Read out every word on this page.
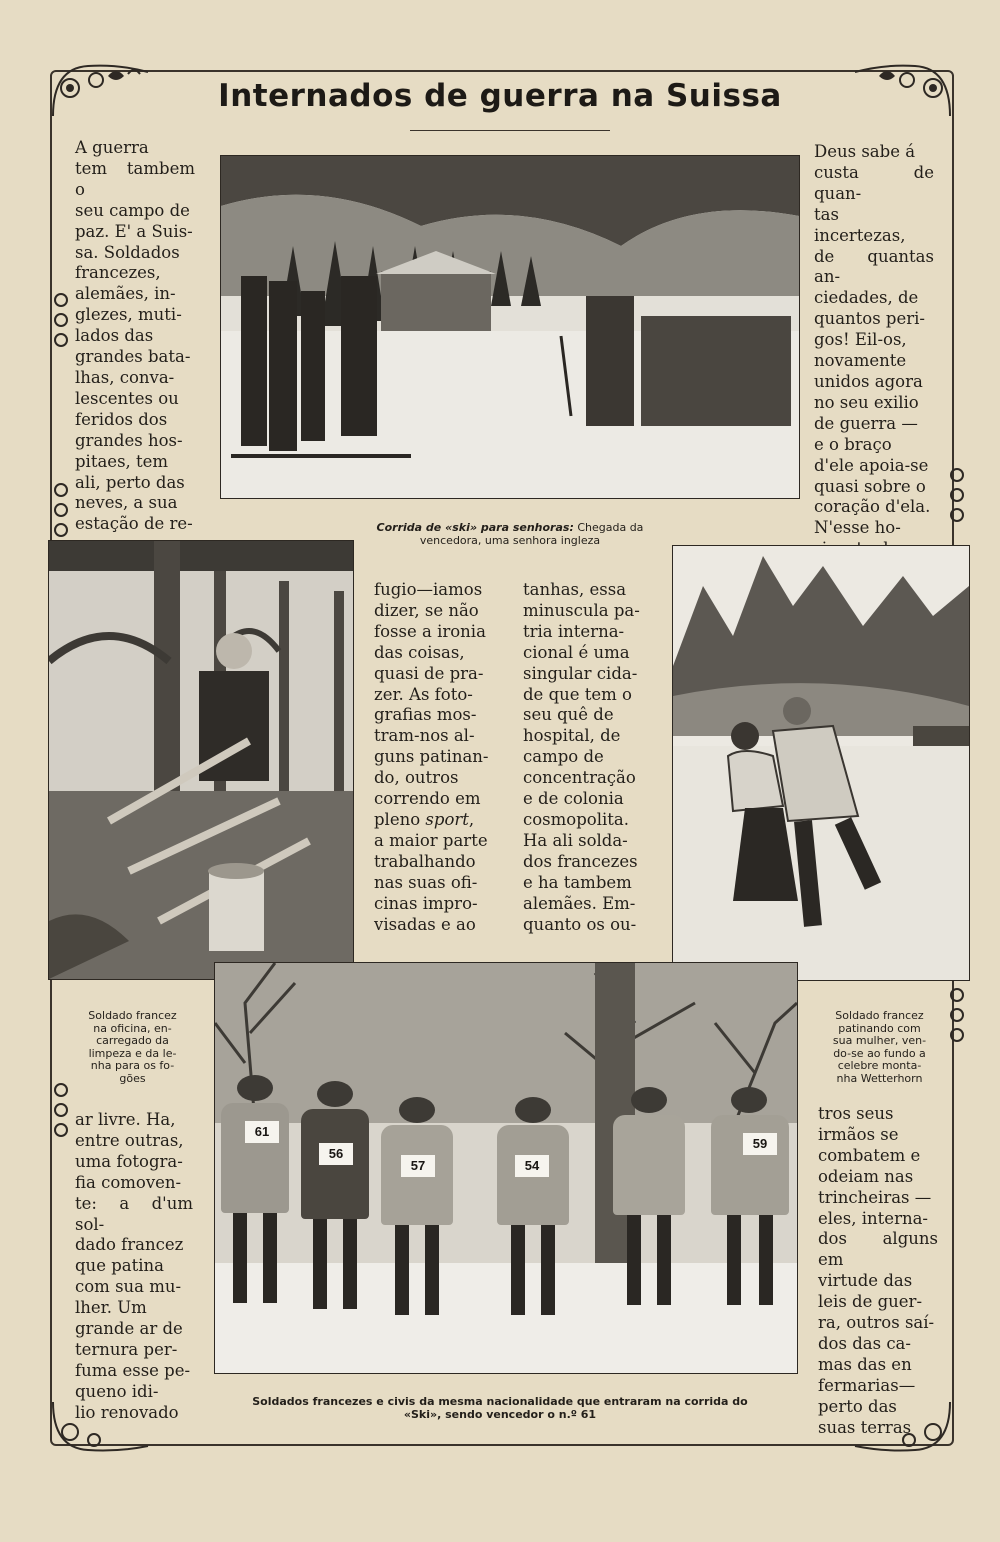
Internados de guerra na Suissa

A guerra
tem tambem o
seu campo de
paz. E' a Suis-
sa. Soldados
francezes,
alemães, in-
glezes, muti-
lados das
grandes bata-
lhas, conva-
lescentes ou
feridos dos
grandes hos-
pitaes, tem
ali, perto das
neves, a sua
estação de re-

Deus sabe á
custa de quan-
tas incertezas,
de quantas an-
ciedades, de
quantos peri-
gos! Eil-os,
novamente
unidos agora
no seu exilio
de guerra —
e o braço
d'ele apoia-se
quasi sobre o
coração d'ela.
N'esse ho-

Corrida de «ski» para senhoras: Chegada da vencedora, uma senhora ingleza

fugio—iamos
dizer, se não
fosse a ironia
das coisas,
quasi de pra-
zer. As foto-
grafias mos-
tram-nos al-
guns patinan-
do, outros
correndo em
pleno sport,
a maior parte
trabalhando
nas suas ofi-
cinas impro-
visadas e ao

tanhas, essa
minuscula pa-
tria interna-
cional é uma
singular cida-
de que tem o
seu quê de
hospital, de
campo de
concentração
e de colonia
cosmopolita.
Ha ali solda-
dos francezes
e ha tambem
alemães. Em-
quanto os ou-

Soldado francez
na oficina, en-
carregado da
limpeza e da le-
nha para os fo-
gões

Soldado francez
patinando com
sua mulher, ven-
do-se ao fundo a
celebre monta-
nha Wetterhorn

61
56
57	54
59

ar livre. Ha,
entre outras,
uma fotogra-
fia comoven-
te: a d'um sol-
dado francez
que patina
com sua mu-
lher. Um
grande ar de
ternura per-
fuma esse pe-
queno idi-
lio renovado

tros seus
irmãos se
combatem e
odeiam nas
trincheiras —
eles, interna-
dos alguns em
virtude das
leis de guer-
ra, outros saí-
dos das ca-
mas das en
fermarias—
perto das
suas terras

Soldados francezes e civis da mesma nacionalidade que entraram na corrida do
«Ski», sendo vencedor o n.º 61
